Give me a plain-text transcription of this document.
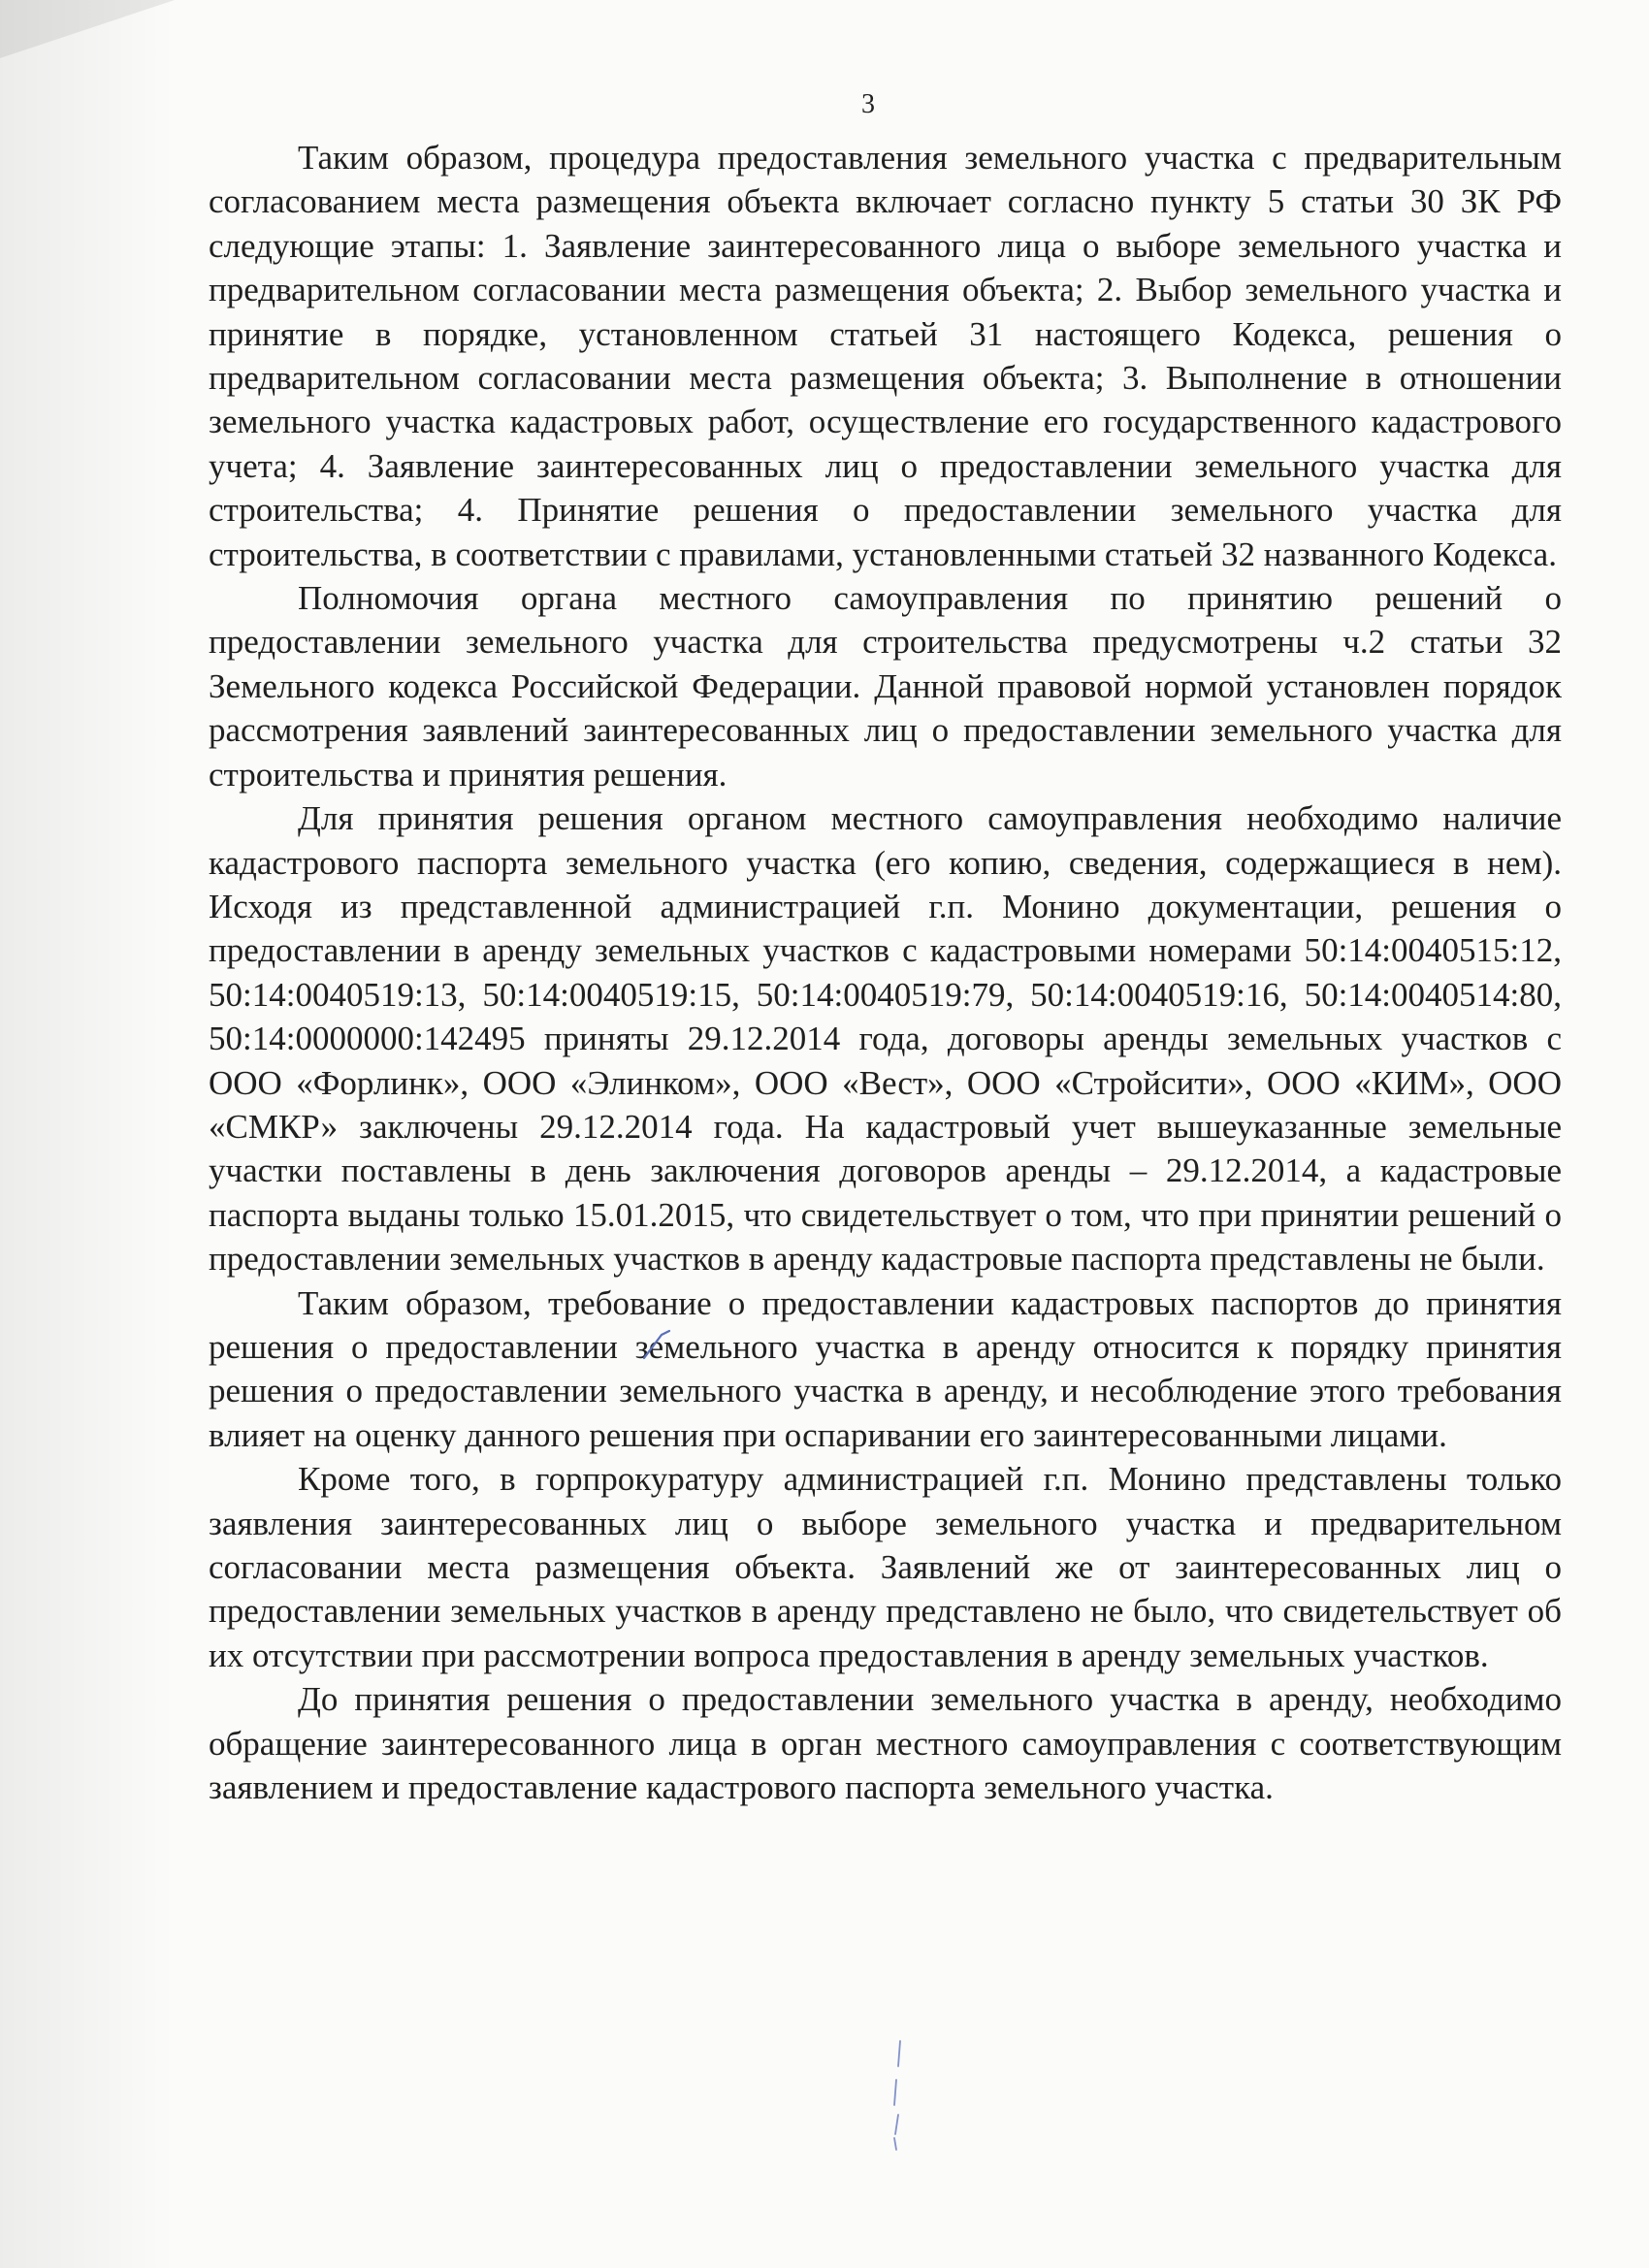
3

Таким образом, процедура предоставления земельного участка с предварительным согласованием места размещения объекта включает согласно пункту 5 статьи 30 ЗК РФ следующие этапы: 1. Заявление заинтересованного лица о выборе земельного участка и предварительном согласовании места размещения объекта; 2. Выбор земельного участка и принятие в порядке, установленном статьей 31 настоящего Кодекса, решения о предварительном согласовании места размещения объекта; 3. Выполнение в отношении земельного участка кадастровых работ, осуществление его государственного кадастрового учета; 4. Заявление заинтересованных лиц о предоставлении земельного участка для строительства; 4. Принятие решения о предоставлении земельного участка для строительства, в соответствии с правилами, установленными статьей 32 названного Кодекса.

Полномочия органа местного самоуправления по принятию решений о предоставлении земельного участка для строительства предусмотрены ч.2 статьи 32 Земельного кодекса Российской Федерации. Данной правовой нормой установлен порядок рассмотрения заявлений заинтересованных лиц о предоставлении земельного участка для строительства и принятия решения.

Для принятия решения органом местного самоуправления необходимо наличие кадастрового паспорта земельного участка (его копию, сведения, содержащиеся в нем). Исходя из представленной администрацией г.п. Монино документации, решения о предоставлении в аренду земельных участков с кадастровыми номерами 50:14:0040515:12, 50:14:0040519:13, 50:14:0040519:15, 50:14:0040519:79, 50:14:0040519:16, 50:14:0040514:80, 50:14:0000000:142495 приняты 29.12.2014 года, договоры аренды земельных участков с ООО «Форлинк», ООО «Элинком», ООО «Вест», ООО «Стройсити», ООО «КИМ», ООО «СМКР» заключены 29.12.2014 года. На кадастровый учет вышеуказанные земельные участки поставлены в день заключения договоров аренды – 29.12.2014, а кадастровые паспорта выданы только 15.01.2015, что свидетельствует о том, что при принятии решений о предоставлении земельных участков в аренду кадастровые паспорта представлены не были.

Таким образом, требование о предоставлении кадастровых паспортов до принятия решения о предоставлении земельного участка в аренду относится к порядку принятия решения о предоставлении земельного участка в аренду, и несоблюдение этого требования влияет на оценку данного решения при оспаривании его заинтересованными лицами.

Кроме того, в горпрокуратуру администрацией г.п. Монино представлены только заявления заинтересованных лиц о выборе земельного участка и предварительном согласовании места размещения объекта. Заявлений же от заинтересованных лиц о предоставлении земельных участков в аренду представлено не было, что свидетельствует об их отсутствии при рассмотрении вопроса предоставления в аренду земельных участков.

До принятия решения о предоставлении земельного участка в аренду, необходимо обращение заинтересованного лица в орган местного самоуправления с соответствующим заявлением и предоставление кадастрового паспорта земельного участка.
